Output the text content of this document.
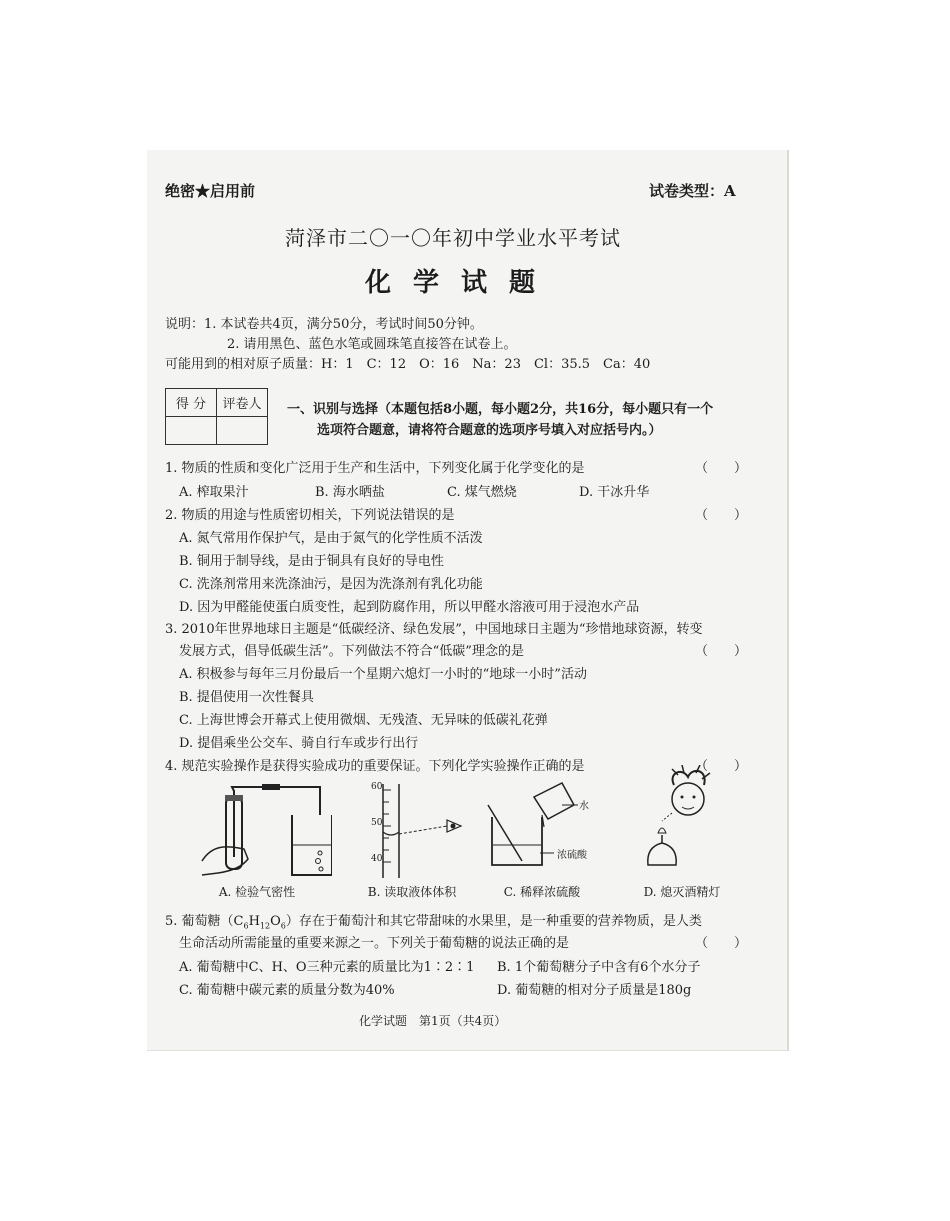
绝密★启用前	试卷类型：A
菏泽市二〇一〇年初中学业水平考试
化学试题
说明：1. 本试卷共4页，满分50分，考试时间50分钟。
2. 请用黑色、蓝色水笔或圆珠笔直接答在试卷上。
可能用到的相对原子质量：H：1　C：12　O：16　Na：23　Cl：35.5　Ca：40
得 分	评卷人
	一、识别与选择（本题包括8小题，每小题2分，共16分，每小题只有一个
选项符合题意，请将符合题意的选项序号填入对应括号内。）
1. 物质的性质和变化广泛用于生产和生活中，下列变化属于化学变化的是	（　　）
A. 榨取果汁	B. 海水晒盐	C. 煤气燃烧	D. 干冰升华
2. 物质的用途与性质密切相关，下列说法错误的是	（　　）
A. 氮气常用作保护气，是由于氮气的化学性质不活泼
B. 铜用于制导线，是由于铜具有良好的导电性
C. 洗涤剂常用来洗涤油污，是因为洗涤剂有乳化功能
D. 因为甲醛能使蛋白质变性，起到防腐作用，所以甲醛水溶液可用于浸泡水产品
3. 2010年世界地球日主题是“低碳经济、绿色发展”，中国地球日主题为“珍惜地球资源，转变
发展方式，倡导低碳生活”。下列做法不符合“低碳”理念的是	（　　）
A. 积极参与每年三月份最后一个星期六熄灯一小时的“地球一小时”活动
B. 提倡使用一次性餐具
C. 上海世博会开幕式上使用微烟、无残渣、无异味的低碳礼花弹
D. 提倡乘坐公交车、骑自行车或步行出行
4. 规范实验操作是获得实验成功的重要保证。下列化学实验操作正确的是	（　　）
A. 检验气密性
60
50
40
B. 读取液体体积
水
浓硫酸
C. 稀释浓硫酸	D. 熄灭酒精灯
5. 葡萄糖$(C_6H_{12}O_6)$存在于葡萄汁和其它带甜味的水果里，是一种重要的营养物质，是人类
生命活动所需能量的重要来源之一。下列关于葡萄糖的说法正确的是	（　　）
A. 葡萄糖中C、H、O三种元素的质量比为1∶2∶1 B. 1个葡萄糖分子中含有6个水分子
C. 葡萄糖中碳元素的质量分数为40%	D. 葡萄糖的相对分子质量是180g
化学试题　第1页（共4页）
